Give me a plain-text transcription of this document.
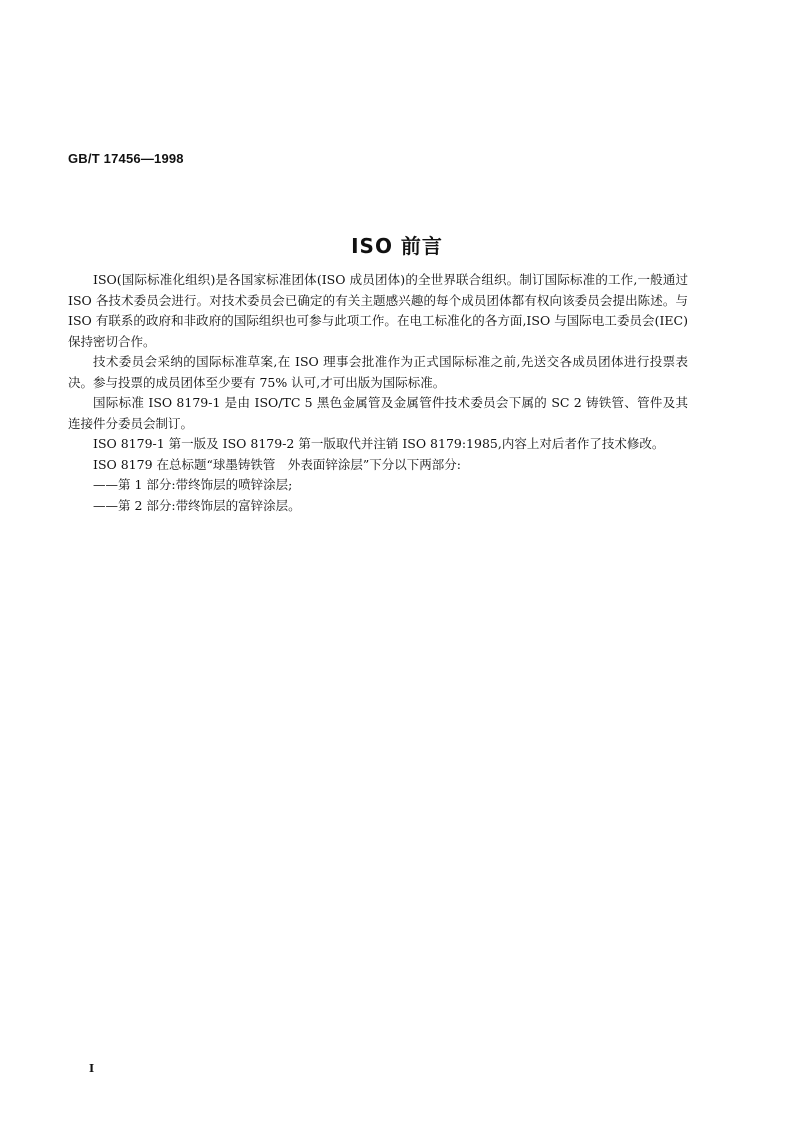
GB/T 17456—1998
ISO 前言

ISO(国际标准化组织)是各国家标准团体(ISO 成员团体)的全世界联合组织。制订国际标准的工作,一般通过 ISO 各技术委员会进行。对技术委员会已确定的有关主题感兴趣的每个成员团体都有权向该委员会提出陈述。与 ISO 有联系的政府和非政府的国际组织也可参与此项工作。在电工标准化的各方面,ISO 与国际电工委员会(IEC)保持密切合作。

技术委员会采纳的国际标准草案,在 ISO 理事会批准作为正式国际标准之前,先送交各成员团体进行投票表决。参与投票的成员团体至少要有 75% 认可,才可出版为国际标准。

国际标准 ISO 8179-1 是由 ISO/TC 5 黑色金属管及金属管件技术委员会下属的 SC 2 铸铁管、管件及其连接件分委员会制订。

ISO 8179-1 第一版及 ISO 8179-2 第一版取代并注销 ISO 8179:1985,内容上对后者作了技术修改。

ISO 8179 在总标题“球墨铸铁管　外表面锌涂层”下分以下两部分:

——第 1 部分:带终饰层的喷锌涂层;

——第 2 部分:带终饰层的富锌涂层。

I
